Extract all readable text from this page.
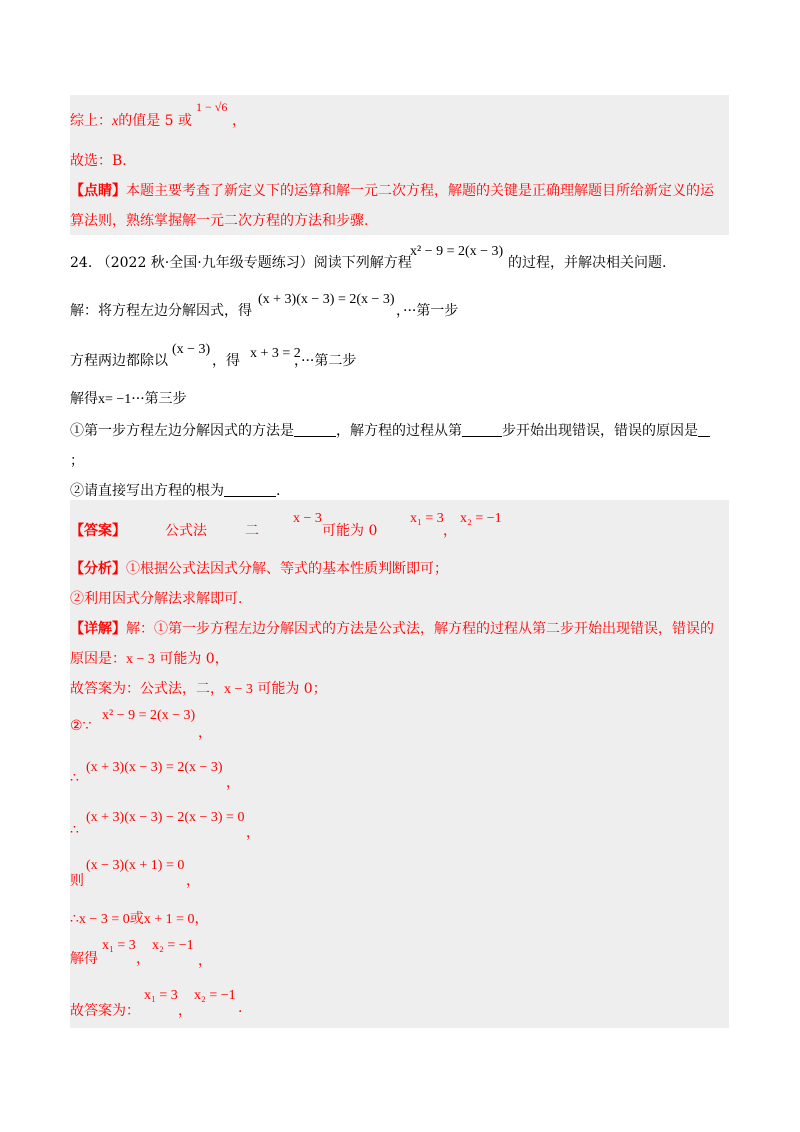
综上：x的值是 5 或
1 − √6
，
故选：B．
【点睛】本题主要考查了新定义下的运算和解一元二次方程，解题的关键是正确理解题目所给新定义的运
算法则，熟练掌握解一元二次方程的方法和步骤.
24. （2022 秋·全国·九年级专题练习）阅读下列解方程
x² − 9 = 2(x − 3)
的过程，并解决相关问题.
解：将方程左边分解因式，得
(x + 3)(x − 3) = 2(x − 3)
，···第一步
方程两边都除以
(x − 3)
，得 x + 3 = 2
，···第二步
解得x= −1···第三步
①第一步方程左边分解因式的方法是	，解方程的过程从第	步开始出现错误，错误的原因是
；
②请直接写出方程的根为	.
【答案】	公式法	二
x − 3
可能为 0
x₁ = 3
，
x₂ = −1
【分析】①根据公式法因式分解、等式的基本性质判断即可；
②利用因式分解法求解即可.
【详解】解：①第一步方程左边分解因式的方法是公式法，解方程的过程从第二步开始出现错误，错误的
原因是：x − 3 可能为 0，
故答案为：公式法，二，x − 3 可能为 0；
②∵
x² − 9 = 2(x − 3)
，
∴
(x + 3)(x − 3) = 2(x − 3)
，
∴
(x + 3)(x − 3) − 2(x − 3) = 0
，
则
(x − 3)(x + 1) = 0
，
∴x − 3 = 0或x + 1 = 0，
解得
x₁ = 3
，
x₂ = −1
，
故答案为：
x₁ = 3
，
x₂ = −1
.
